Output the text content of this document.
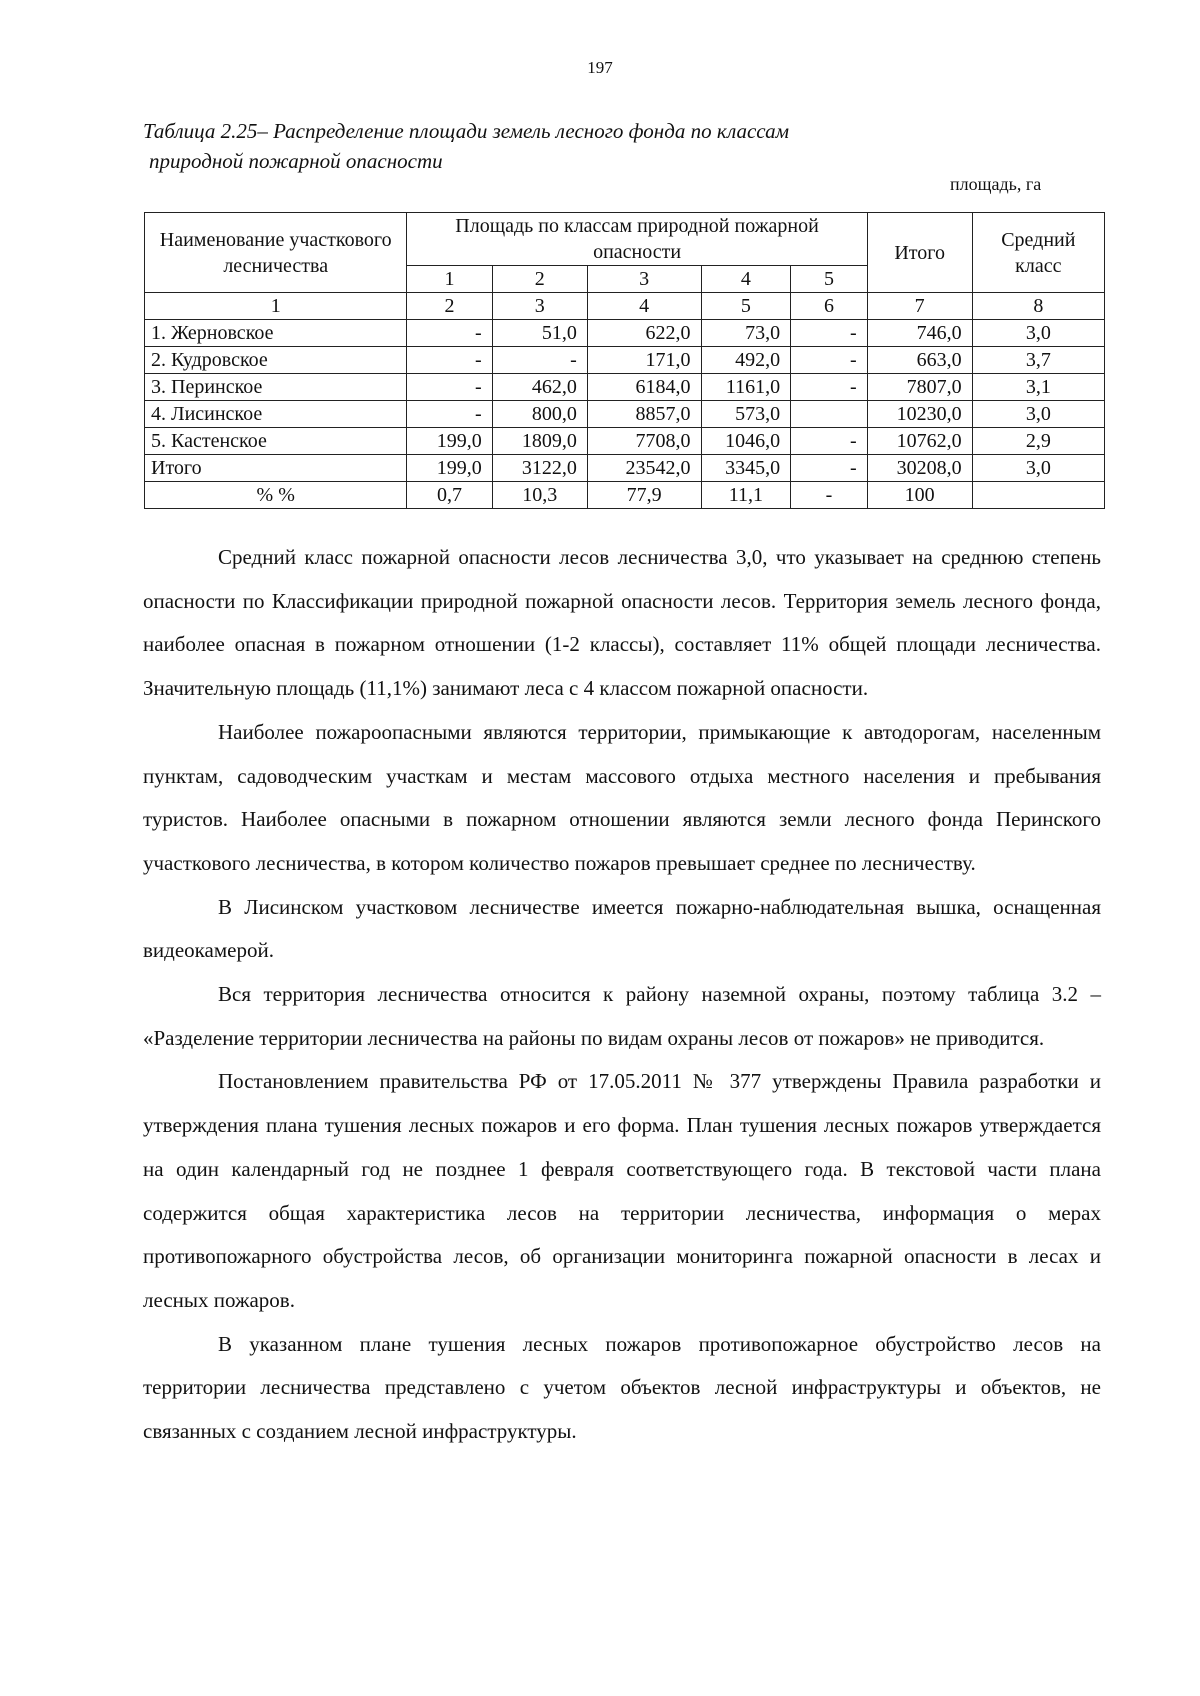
197
Таблица 2.25– Распределение площади земель лесного фонда по классам
природной пожарной опасности
площадь, га
Наименование участкового лесничества	Площадь по классам природной пожарной опасности					Итого	Средний класс
	1	2	3	4	5		
1	2	3	4	5	6	7	8
1. Жерновское	-	51,0	622,0	73,0	-	746,0	3,0
2. Кудровское	-	-	171,0	492,0	-	663,0	3,7
3. Перинское	-	462,0	6184,0	1161,0	-	7807,0	3,1
4. Лисинское	-	800,0	8857,0	573,0		10230,0	3,0
5. Кастенское	199,0	1809,0	7708,0	1046,0	-	10762,0	2,9
Итого	199,0	3122,0	23542,0	3345,0	-	30208,0	3,0
% %	0,7	10,3	77,9	11,1	-	100	

Средний класс пожарной опасности лесов лесничества 3,0, что указывает на среднюю степень опасности по Классификации природной пожарной опасности лесов. Территория земель лесного фонда, наиболее опасная в пожарном отношении (1-2 классы), составляет 11% общей площади лесничества. Значительную площадь (11,1%) занимают леса с 4 классом пожарной опасности.

Наиболее пожароопасными являются территории, примыкающие к автодорогам, населенным пунктам, садоводческим участкам и местам массового отдыха местного населения и пребывания туристов. Наиболее опасными в пожарном отношении являются земли лесного фонда Перинского участкового лесничества, в котором количество пожаров превышает среднее по лесничеству.

В Лисинском участковом лесничестве имеется пожарно-наблюдательная вышка, оснащенная видеокамерой.

Вся территория лесничества относится к району наземной охраны, поэтому таблица 3.2 – «Разделение территории лесничества на районы по видам охраны лесов от пожаров» не приводится.

Постановлением правительства РФ от 17.05.2011 № 377 утверждены Правила разработки и утверждения плана тушения лесных пожаров и его форма. План тушения лесных пожаров утверждается на один календарный год не позднее 1 февраля соответствующего года. В текстовой части плана содержится общая характеристика лесов на территории лесничества, информация о мерах противопожарного обустройства лесов, об организации мониторинга пожарной опасности в лесах и лесных пожаров.

В указанном плане тушения лесных пожаров противопожарное обустройство лесов на территории лесничества представлено с учетом объектов лесной инфраструктуры и объектов, не связанных с созданием лесной инфраструктуры.
